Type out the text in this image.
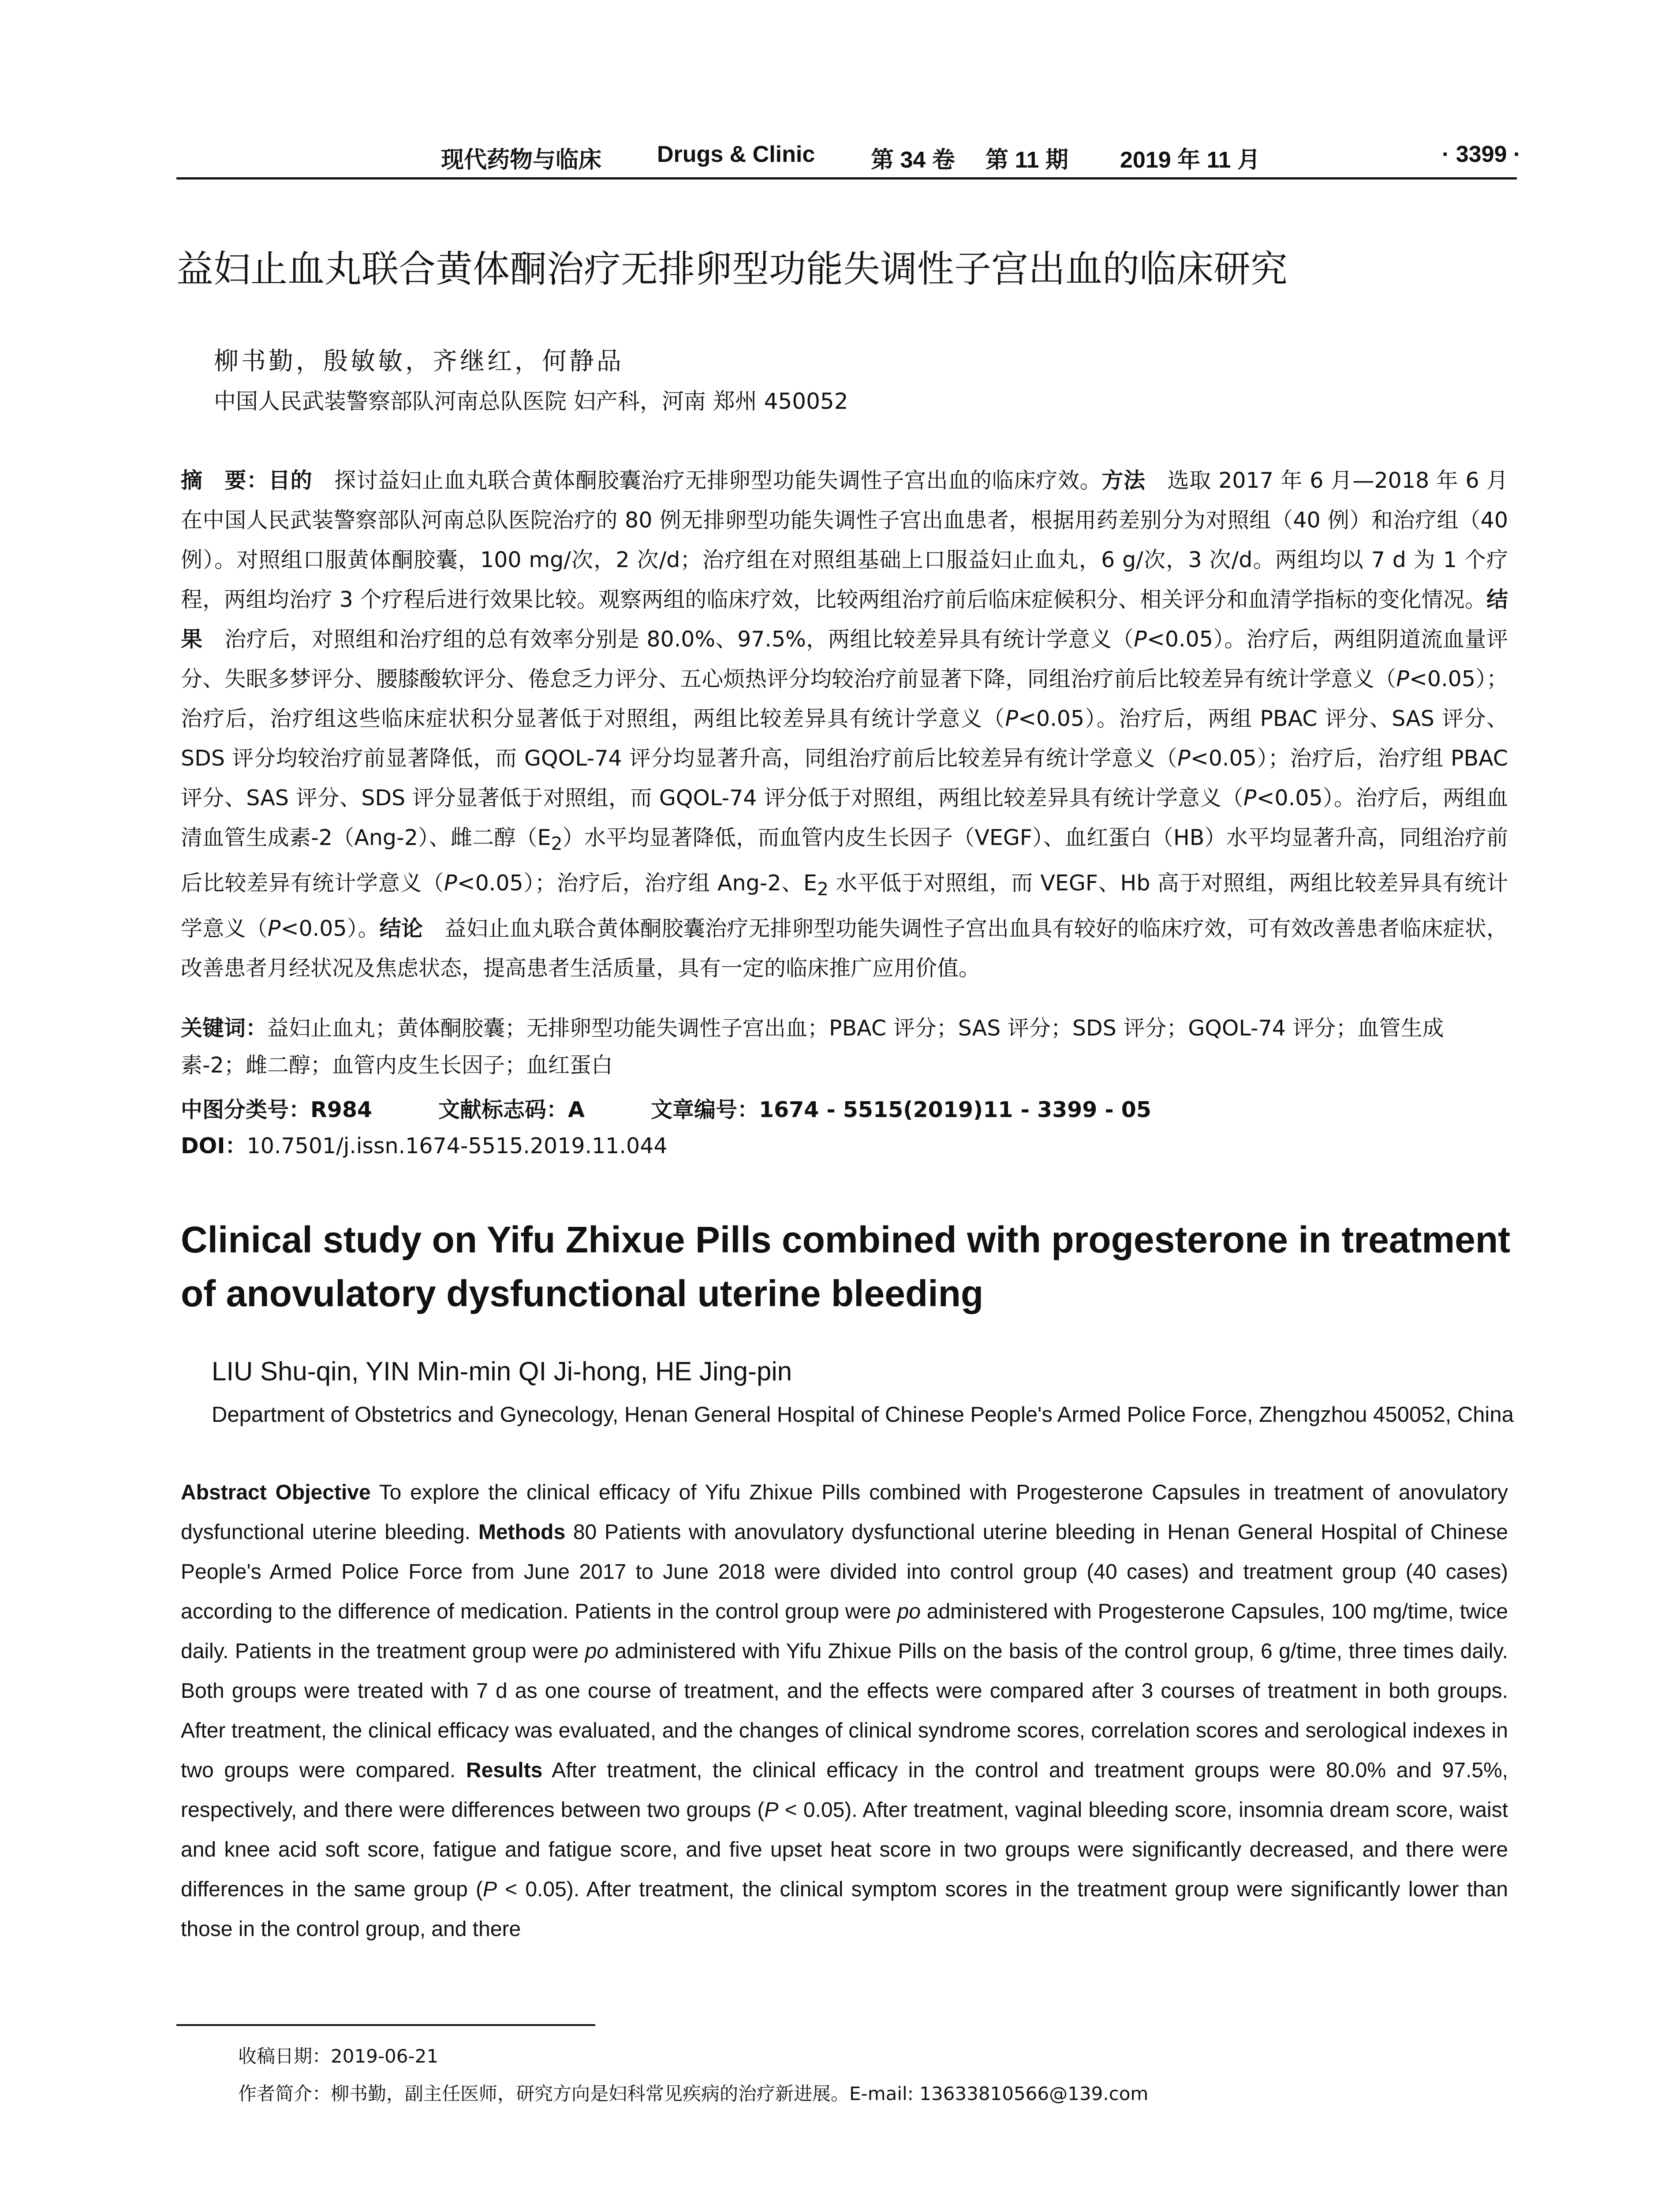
现代药物与临床 Drugs & Clinic 第 34 卷 第 11 期 2019 年 11 月	· 3399 ·
益妇止血丸联合黄体酮治疗无排卵型功能失调性子宫出血的临床研究
柳书勤，殷敏敏，齐继红，何静品
中国人民武装警察部队河南总队医院 妇产科，河南 郑州 450052
摘　要：目的　探讨益妇止血丸联合黄体酮胶囊治疗无排卵型功能失调性子宫出血的临床疗效。方法　选取 2017 年 6 月—2018 年 6 月在中国人民武装警察部队河南总队医院治疗的 80 例无排卵型功能失调性子宫出血患者，根据用药差别分为对照组（40 例）和治疗组（40 例）。对照组口服黄体酮胶囊，100 mg/次，2 次/d；治疗组在对照组基础上口服益妇止血丸，6 g/次，3 次/d。两组均以 7 d 为 1 个疗程，两组均治疗 3 个疗程后进行效果比较。观察两组的临床疗效，比较两组治疗前后临床症候积分、相关评分和血清学指标的变化情况。结果　治疗后，对照组和治疗组的总有效率分别是 80.0%、97.5%，两组比较差异具有统计学意义（P<0.05）。治疗后，两组阴道流血量评分、失眠多梦评分、腰膝酸软评分、倦怠乏力评分、五心烦热评分均较治疗前显著下降，同组治疗前后比较差异有统计学意义（P<0.05）；治疗后，治疗组这些临床症状积分显著低于对照组，两组比较差异具有统计学意义（P<0.05）。治疗后，两组 PBAC 评分、SAS 评分、SDS 评分均较治疗前显著降低，而 GQOL-74 评分均显著升高，同组治疗前后比较差异有统计学意义（P<0.05）；治疗后，治疗组 PBAC 评分、SAS 评分、SDS 评分显著低于对照组，而 GQOL-74 评分低于对照组，两组比较差异具有统计学意义（P<0.05）。治疗后，两组血清血管生成素-2（Ang-2）、雌二醇$(E_2)$水平均显著降低，而血管内皮生长因子（VEGF）、血红蛋白（HB）水平均显著升高，同组治疗前后比较差异有统计学意义（P<0.05）；治疗后，治疗组 Ang-2、$E_2$ 水平低于对照组，而 VEGF、Hb 高于对照组，两组比较差异具有统计学意义（P<0.05）。结论　益妇止血丸联合黄体酮胶囊治疗无排卵型功能失调性子宫出血具有较好的临床疗效，可有效改善患者临床症状，改善患者月经状况及焦虑状态，提高患者生活质量，具有一定的临床推广应用价值。
关键词：益妇止血丸；黄体酮胶囊；无排卵型功能失调性子宫出血；PBAC 评分；SAS 评分；SDS 评分；GQOL-74 评分；血管生成素-2；雌二醇；血管内皮生长因子；血红蛋白
中图分类号：R984	文献标志码：A	文章编号：1674 - 5515(2019)11 - 3399 - 05
DOI：10.7501/j.issn.1674-5515.2019.11.044
Clinical study on Yifu Zhixue Pills combined with progesterone in treatment of anovulatory dysfunctional uterine bleeding
LIU Shu-qin, YIN Min-min QI Ji-hong, HE Jing-pin
Department of Obstetrics and Gynecology, Henan General Hospital of Chinese People's Armed Police Force, Zhengzhou 450052, China
Abstract Objective To explore the clinical efficacy of Yifu Zhixue Pills combined with Progesterone Capsules in treatment of anovulatory dysfunctional uterine bleeding. Methods 80 Patients with anovulatory dysfunctional uterine bleeding in Henan General Hospital of Chinese People's Armed Police Force from June 2017 to June 2018 were divided into control group (40 cases) and treatment group (40 cases) according to the difference of medication. Patients in the control group were po administered with Progesterone Capsules, 100 mg/time, twice daily. Patients in the treatment group were po administered with Yifu Zhixue Pills on the basis of the control group, 6 g/time, three times daily. Both groups were treated with 7 d as one course of treatment, and the effects were compared after 3 courses of treatment in both groups. After treatment, the clinical efficacy was evaluated, and the changes of clinical syndrome scores, correlation scores and serological indexes in two groups were compared. Results After treatment, the clinical efficacy in the control and treatment groups were 80.0% and 97.5%, respectively, and there were differences between two groups (P < 0.05). After treatment, vaginal bleeding score, insomnia dream score, waist and knee acid soft score, fatigue and fatigue score, and five upset heat score in two groups were significantly decreased, and there were differences in the same group (P < 0.05). After treatment, the clinical symptom scores in the treatment group were significantly lower than those in the control group, and there
收稿日期：2019-06-21
作者简介：柳书勤，副主任医师，研究方向是妇科常见疾病的治疗新进展。E-mail: 13633810566@139.com
